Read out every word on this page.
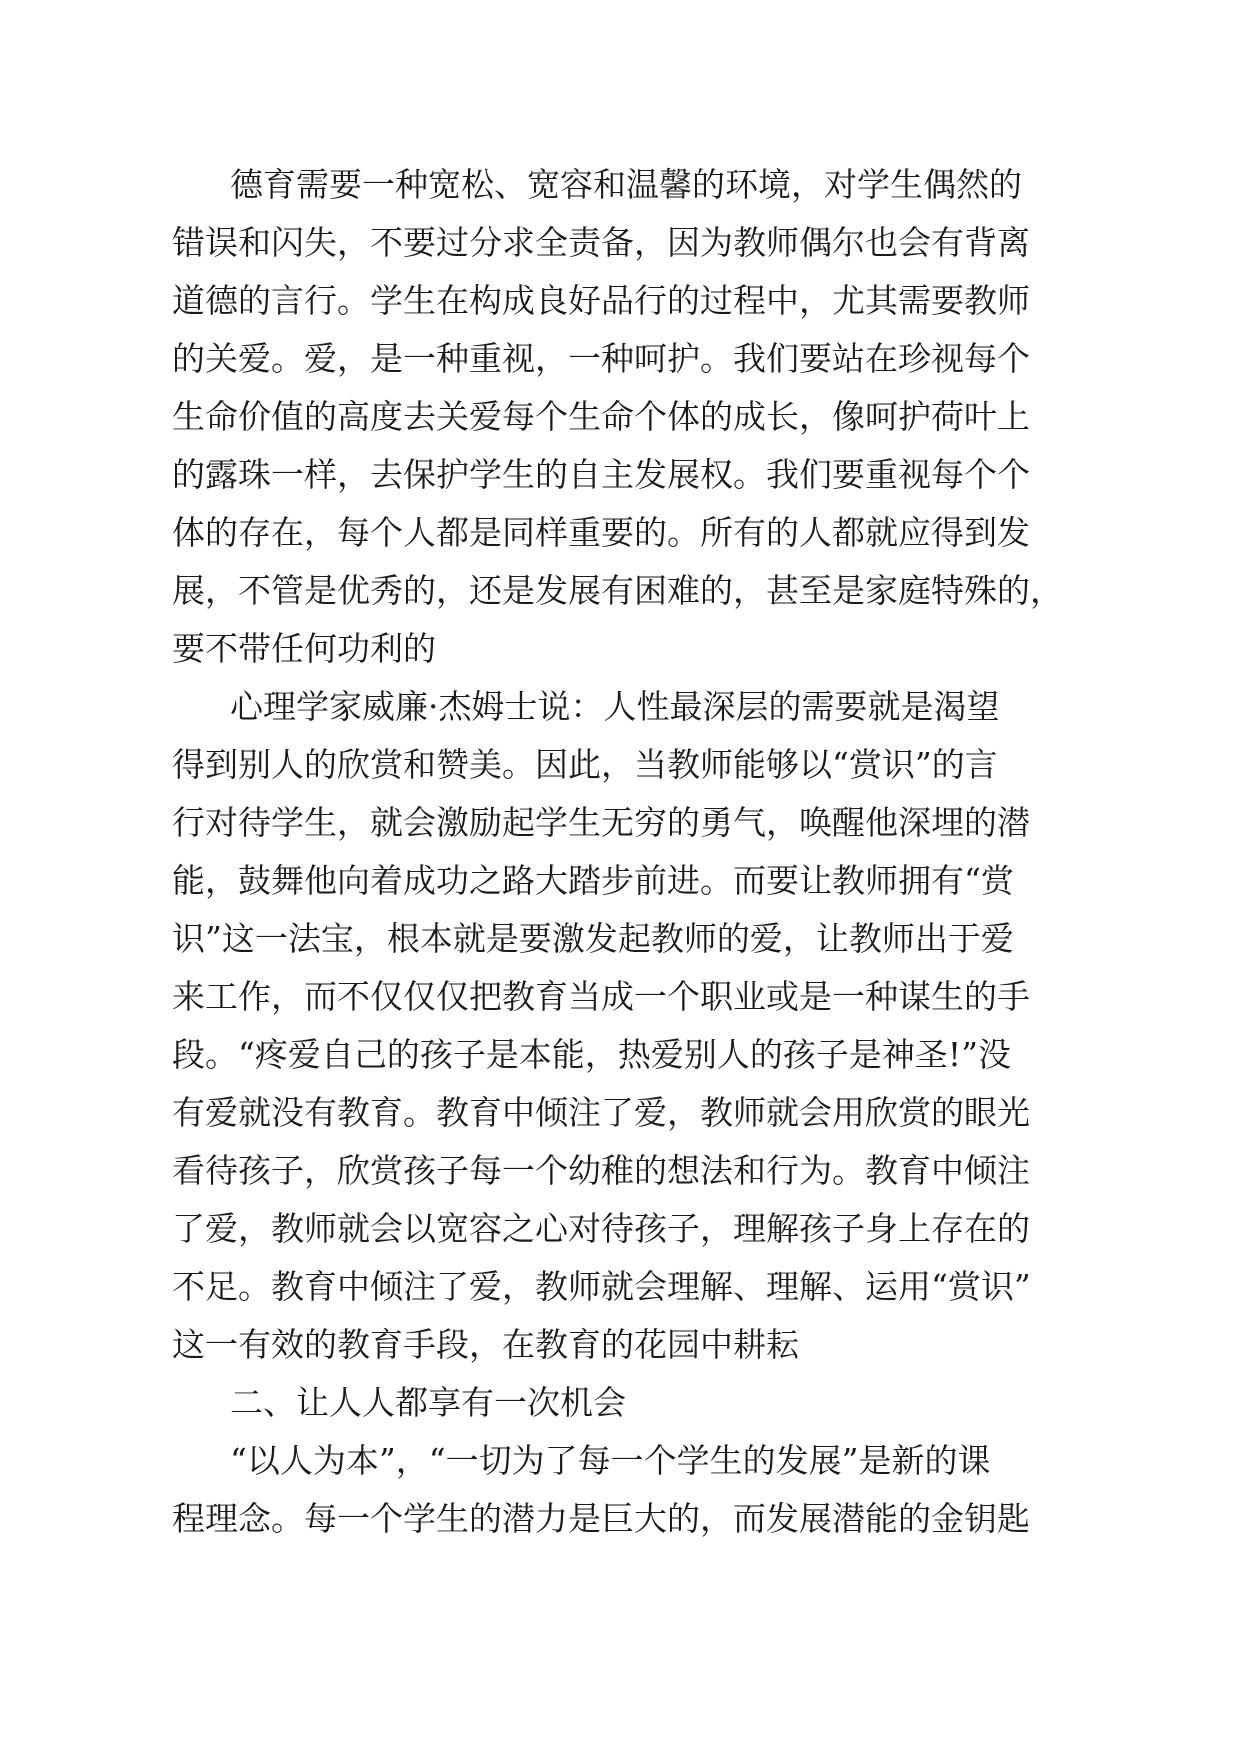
德育需要一种宽松、宽容和温馨的环境，对学生偶然的
错误和闪失，不要过分求全责备，因为教师偶尔也会有背离
道德的言行。学生在构成良好品行的过程中，尤其需要教师
的关爱。爱，是一种重视，一种呵护。我们要站在珍视每个
生命价值的高度去关爱每个生命个体的成长，像呵护荷叶上
的露珠一样，去保护学生的自主发展权。我们要重视每个个
体的存在，每个人都是同样重要的。所有的人都就应得到发
展，不管是优秀的，还是发展有困难的，甚至是家庭特殊的，
要不带任何功利的
心理学家威廉·杰姆士说：人性最深层的需要就是渴望
得到别人的欣赏和赞美。因此，当教师能够以“赏识”的言
行对待学生，就会激励起学生无穷的勇气，唤醒他深埋的潜
能，鼓舞他向着成功之路大踏步前进。而要让教师拥有“赏
识”这一法宝，根本就是要激发起教师的爱，让教师出于爱
来工作，而不仅仅仅把教育当成一个职业或是一种谋生的手
段。“疼爱自己的孩子是本能，热爱别人的孩子是神圣!”没
有爱就没有教育。教育中倾注了爱，教师就会用欣赏的眼光
看待孩子，欣赏孩子每一个幼稚的想法和行为。教育中倾注
了爱，教师就会以宽容之心对待孩子，理解孩子身上存在的
不足。教育中倾注了爱，教师就会理解、理解、运用“赏识”
这一有效的教育手段，在教育的花园中耕耘
二、让人人都享有一次机会
“以人为本”，“一切为了每一个学生的发展”是新的课
程理念。每一个学生的潜力是巨大的，而发展潜能的金钥匙
